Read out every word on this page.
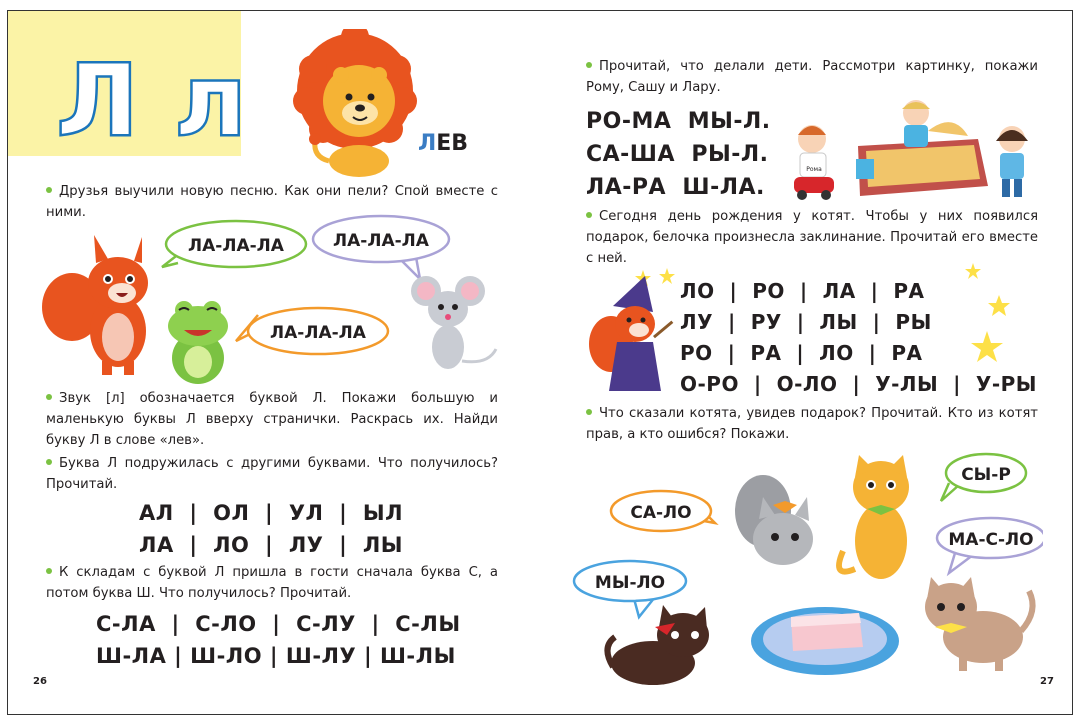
Л л	ЛЕВ

Друзья выучили новую песню. Как они пели? Спой вместе с ними.

ЛА-ЛА-ЛА	ЛА-ЛА-ЛА
ЛА-ЛА-ЛА

Звук [л] обозначается буквой Л. Покажи большую и маленькую буквы Л вверху странички. Раскрась их. Найди букву Л в слове «лев».

Буква Л подружилась с другими буквами. Что получилось? Прочитай.

АЛ  |  ОЛ  |  УЛ  |  ЫЛ
ЛА  |  ЛО  |  ЛУ  |  ЛЫ

К складам с буквой Л пришла в гости сначала буква С, а потом буква Ш. Что получилось? Прочитай.

С-ЛА  |  С-ЛО  |  С-ЛУ  |  С-ЛЫ
Ш-ЛА | Ш-ЛО | Ш-ЛУ | Ш-ЛЫ
26

Прочитай, что делали дети. Рассмотри картинку, покажи Рому, Сашу и Лару.

РО-МА  МЫ-Л.
СА-ША  РЫ-Л.
ЛА-РА  Ш-ЛА.
Рома

Сегодня день рождения у котят. Чтобы у них появился подарок, белочка произнесла заклинание. Прочитай его вместе с ней.

ЛО  |  РО  |  ЛА  |  РА
ЛУ  |  РУ  |  ЛЫ  |  РЫ
РО  |  РА  |  ЛО  |  РА
О-РО  |  О-ЛО  |  У-ЛЫ  |  У-РЫ

Что сказали котята, увидев подарок? Прочитай. Кто из котят прав, а кто ошибся? Покажи.

СЫ-Р
СА-ЛО
МА-С-ЛО
МЫ-ЛО
27
